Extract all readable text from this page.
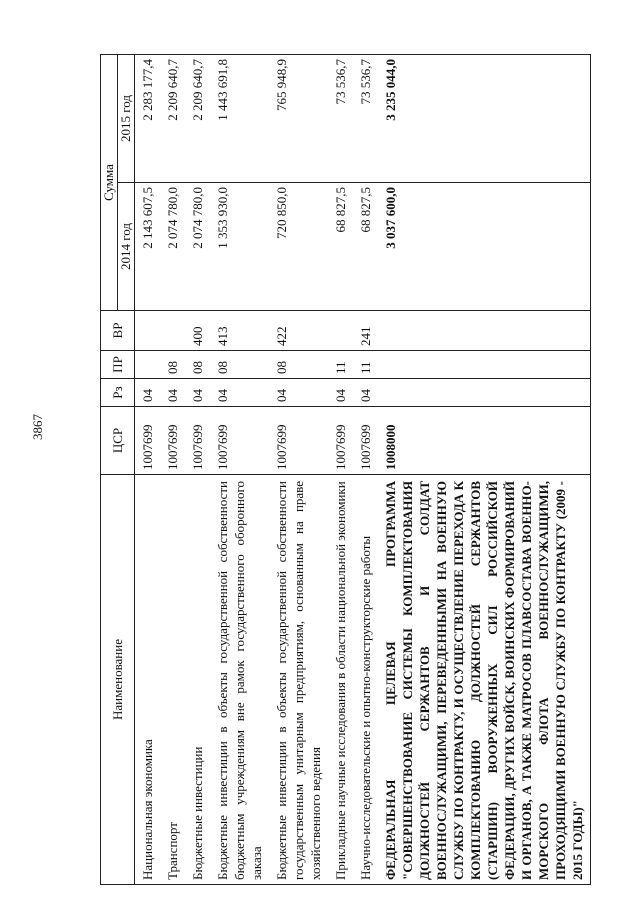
3867
Наименование	ЦСР	Рз	ПР	ВР	Сумма	
					2014 год	2015 год
Национальная экономика	1007699	04			2 143 607,5	2 283 177,4
Транспорт	1007699	04	08		2 074 780,0	2 209 640,7
Бюджетные инвестиции	1007699	04	08	400	2 074 780,0	2 209 640,7
Бюджетные инвестиции в объекты государственной собственности бюджетным учреждениям вне рамок государственного оборонного заказа	1007699	04	08	413	1 353 930,0	1 443 691,8
Бюджетные инвестиции в объекты государственной собственности государственным унитарным предприятиям, основанным на праве хозяйственного ведения	1007699	04	08	422	720 850,0	765 948,9
Прикладные научные исследования в области национальной экономики	1007699	04	11		68 827,5	73 536,7
Научно-исследовательские и опытно-конструкторские работы	1007699	04	11	241	68 827,5	73 536,7
ФЕДЕРАЛЬНАЯ ЦЕЛЕВАЯ ПРОГРАММА "СОВЕРШЕНСТВОВАНИЕ СИСТЕМЫ КОМПЛЕКТОВАНИЯ ДОЛЖНОСТЕЙ СЕРЖАНТОВ И СОЛДАТ ВОЕННОСЛУЖАЩИМИ, ПЕРЕВЕДЕННЫМИ НА ВОЕННУЮ СЛУЖБУ ПО КОНТРАКТУ, И ОСУЩЕСТВЛЕНИЕ ПЕРЕХОДА К КОМПЛЕКТОВАНИЮ ДОЛЖНОСТЕЙ СЕРЖАНТОВ (СТАРШИН) ВООРУЖЕННЫХ СИЛ РОССИЙСКОЙ ФЕДЕРАЦИИ, ДРУГИХ ВОЙСК, ВОИНСКИХ ФОРМИРОВАНИЙ И ОРГАНОВ, А ТАКЖЕ МАТРОСОВ ПЛАВСОСТАВА ВОЕННО-МОРСКОГО ФЛОТА ВОЕННОСЛУЖАЩИМИ, ПРОХОДЯЩИМИ ВОЕННУЮ СЛУЖБУ ПО КОНТРАКТУ (2009 - 2015 ГОДЫ)"	1008000				3 037 600,0	3 235 044,0
